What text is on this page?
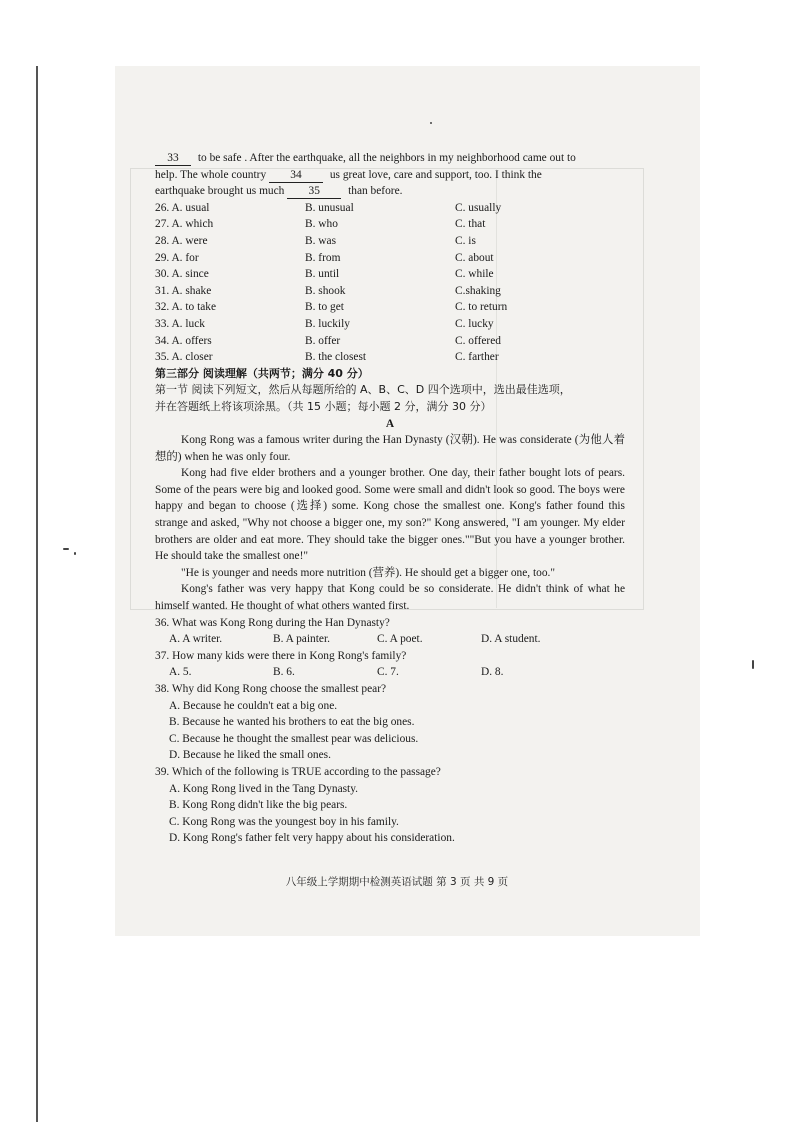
33 to be safe . After the earthquake, all the neighbors in my neighborhood came out to

help. The whole country 34 us great love, care and support, too. I think the

earthquake brought us much 35 than before.

26. A. usual	B. unusual	C. usually
27. A. which	B. who	C. that
28. A. were	B. was	C. is
29. A. for	B. from	C. about
30. A. since	B. until	C. while
31. A. shake	B. shook	C.shaking
32. A. to take	B. to get	C. to return
33. A. luck	B. luckily	C. lucky
34. A. offers	B. offer	C. offered
35. A. closer	B. the closest	C. farther

第三部分 阅读理解（共两节；满分 40 分）

第一节 阅读下列短文，然后从每题所给的 A、B、C、D 四个选项中，选出最佳选项，

并在答题纸上将该项涂黑。（共 15 小题；每小题 2 分，满分 30 分）

A

Kong Rong was a famous writer during the Han Dynasty (汉朝). He was considerate (为他人着想的) when he was only four.

Kong had five elder brothers and a younger brother. One day, their father bought lots of pears. Some of the pears were big and looked good. Some were small and didn't look so good. The boys were happy and began to choose (选择) some. Kong chose the smallest one. Kong's father found this strange and asked, "Why not choose a bigger one, my son?" Kong answered, "I am younger. My elder brothers are older and eat more. They should take the bigger ones.""But you have a younger brother. He should take the smallest one!"

"He is younger and needs more nutrition (营养). He should get a bigger one, too."

Kong's father was very happy that Kong could be so considerate. He didn't think of what he himself wanted. He thought of what others wanted first.

36. What was Kong Rong during the Han Dynasty?

A. A writer.	B. A painter.	C. A poet.	D. A student.

37. How many kids were there in Kong Rong's family?

A. 5.	B. 6.	C. 7.	D. 8.

38. Why did Kong Rong choose the smallest pear?

A. Because he couldn't eat a big one.
B. Because he wanted his brothers to eat the big ones.
C. Because he thought the smallest pear was delicious.
D. Because he liked the small ones.

39. Which of the following is TRUE according to the passage?

A. Kong Rong lived in the Tang Dynasty.
B. Kong Rong didn't like the big pears.
C. Kong Rong was the youngest boy in his family.
D. Kong Rong's father felt very happy about his consideration.
八年级上学期期中检测英语试题 第 3 页 共 9 页
